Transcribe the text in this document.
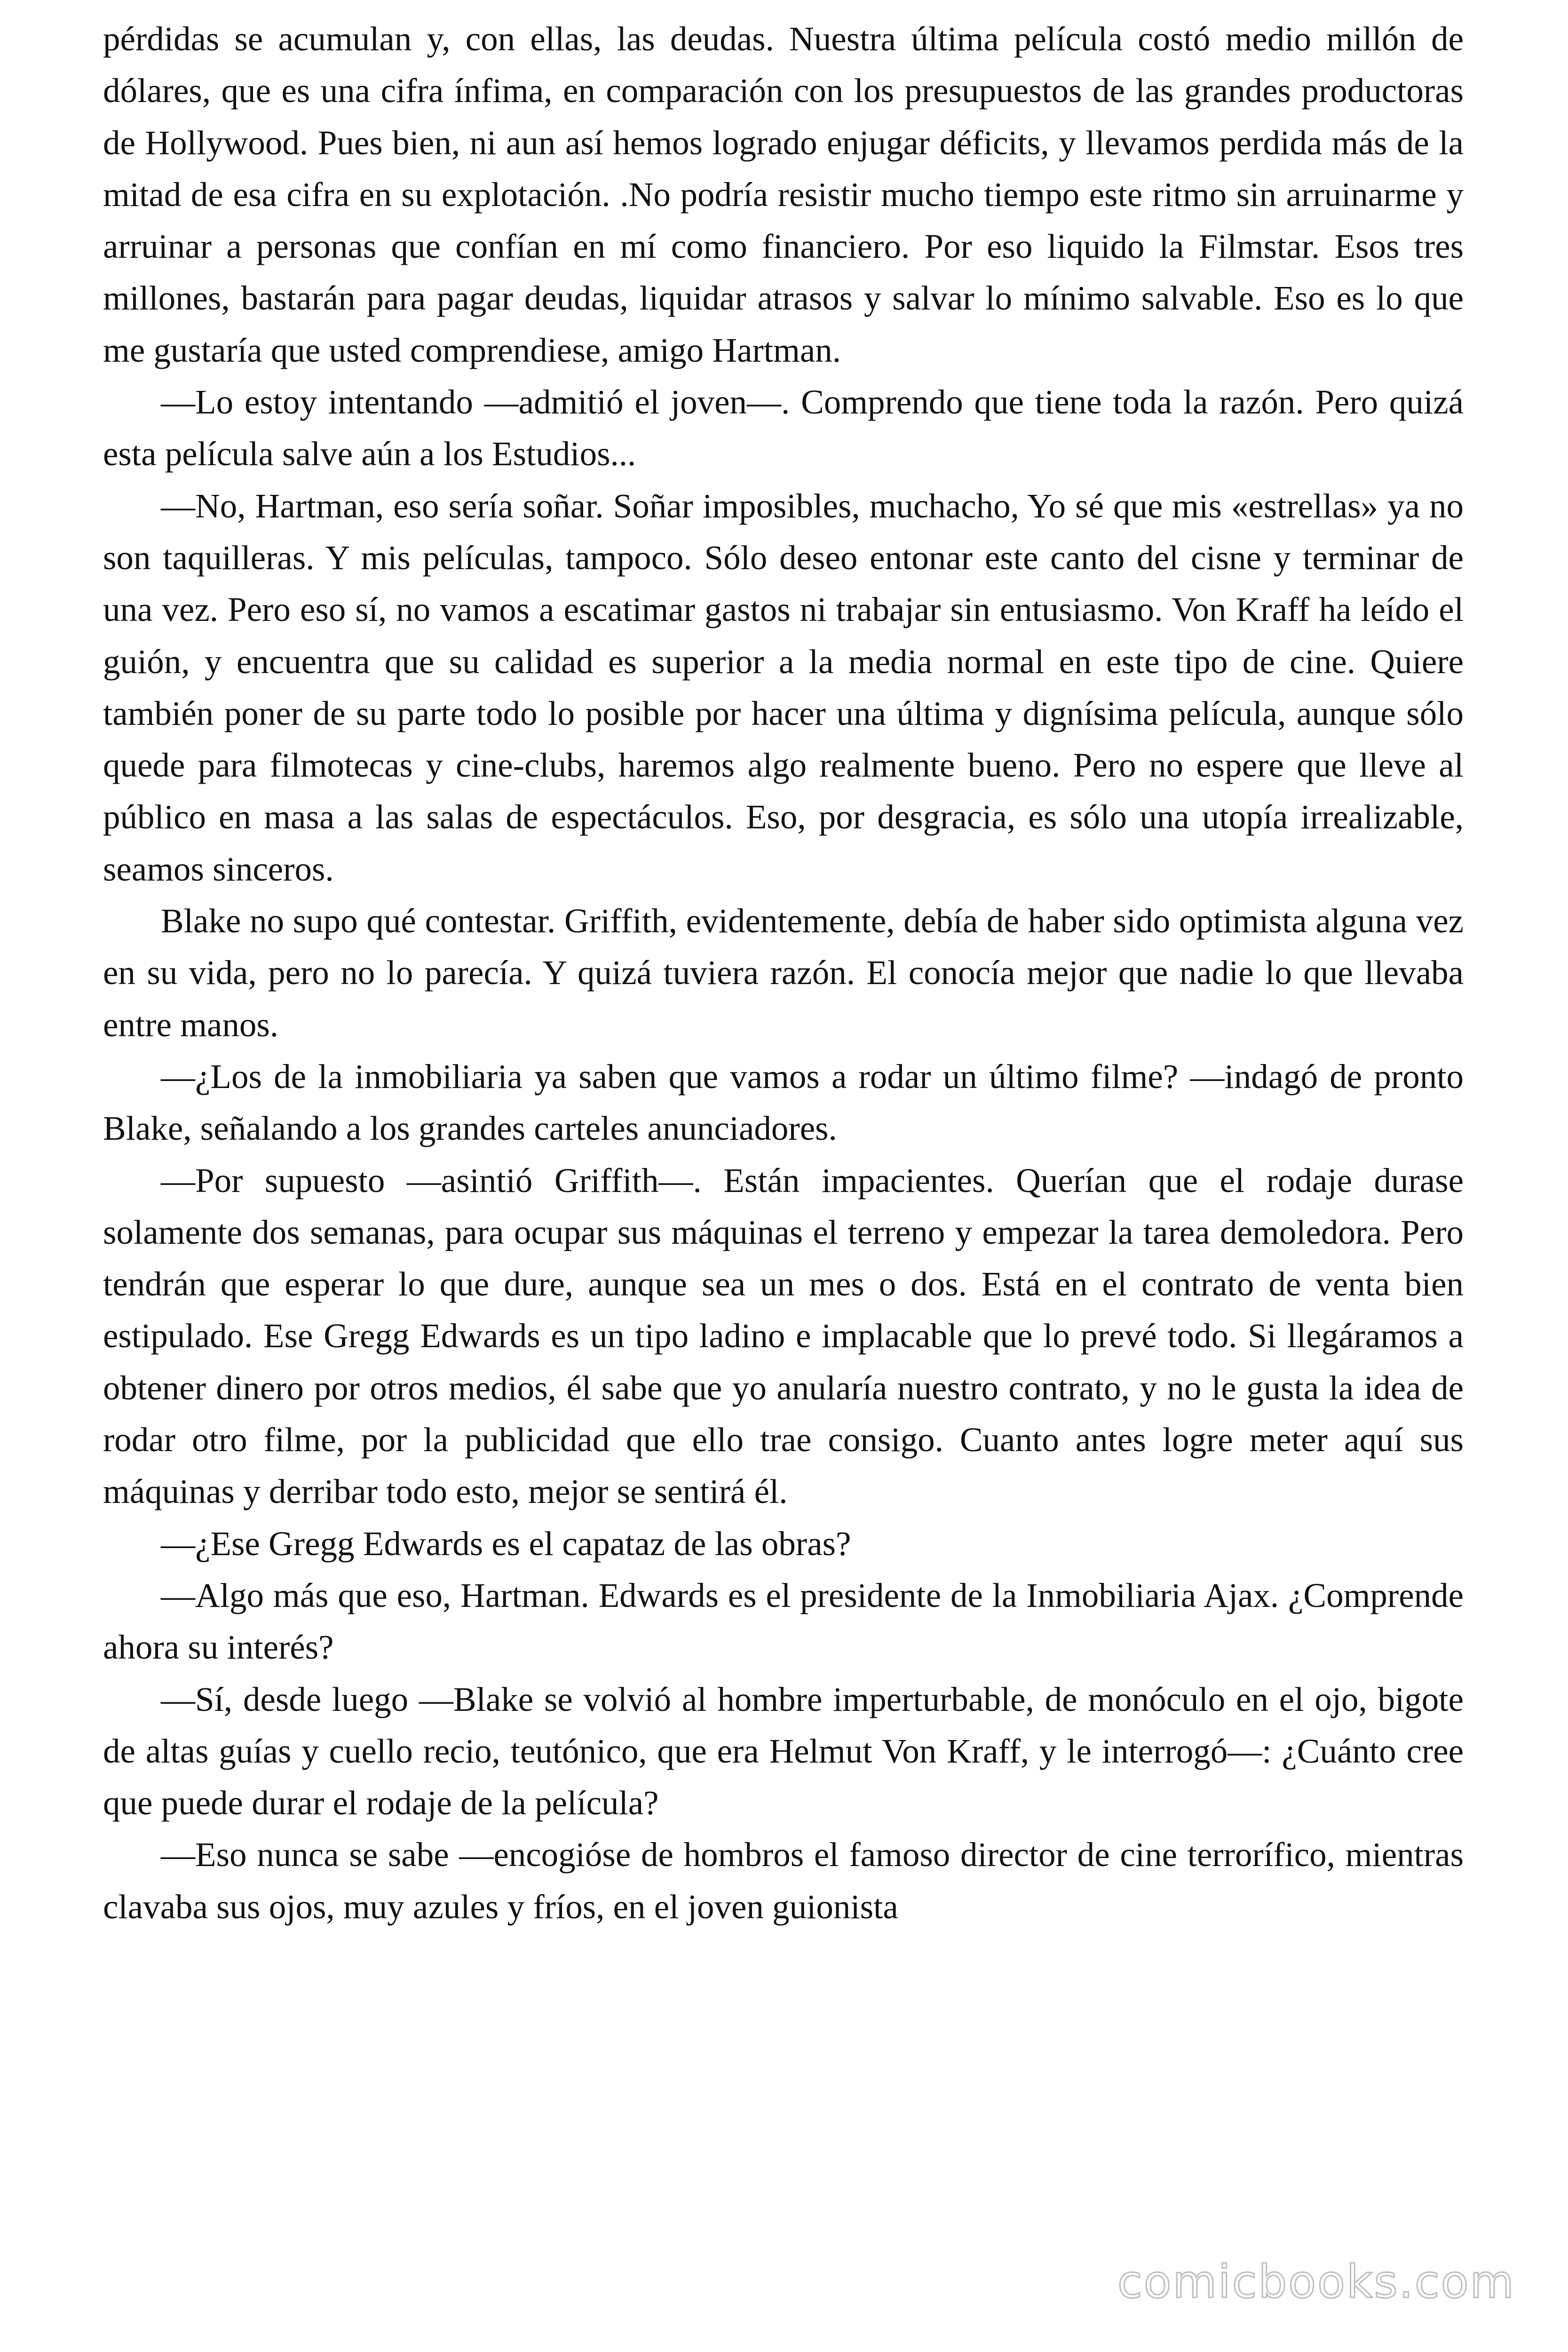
pérdidas se acumulan y, con ellas, las deudas. Nuestra última película costó medio millón de dólares, que es una cifra ínfima, en comparación con los presupuestos de las grandes productoras de Hollywood. Pues bien, ni aun así hemos logrado enjugar déficits, y llevamos perdida más de la mitad de esa cifra en su explotación. .No podría resistir mucho tiempo este ritmo sin arruinarme y arruinar a personas que confían en mí como financiero. Por eso liquido la Filmstar. Esos tres millones, bastarán para pagar deudas, liquidar atrasos y salvar lo mínimo salvable. Eso es lo que me gustaría que usted comprendiese, amigo Hartman.

—Lo estoy intentando —admitió el joven—. Comprendo que tiene toda la razón. Pero quizá esta película salve aún a los Estudios...

—No, Hartman, eso sería soñar. Soñar imposibles, muchacho, Yo sé que mis «estrellas» ya no son taquilleras. Y mis películas, tampoco. Sólo deseo entonar este canto del cisne y terminar de una vez. Pero eso sí, no vamos a escatimar gastos ni trabajar sin entusiasmo. Von Kraff ha leído el guión, y encuentra que su calidad es superior a la media normal en este tipo de cine. Quiere también poner de su parte todo lo posible por hacer una última y dignísima película, aunque sólo quede para filmotecas y cine-clubs, haremos algo realmente bueno. Pero no espere que lleve al público en masa a las salas de espectáculos. Eso, por desgracia, es sólo una utopía irrealizable, seamos sinceros.

Blake no supo qué contestar. Griffith, evidentemente, debía de haber sido optimista alguna vez en su vida, pero no lo parecía. Y quizá tuviera razón. El conocía mejor que nadie lo que llevaba entre manos.

—¿Los de la inmobiliaria ya saben que vamos a rodar un último filme? —indagó de pronto Blake, señalando a los grandes carteles anunciadores.

—Por supuesto —asintió Griffith—. Están impacientes. Querían que el rodaje durase solamente dos semanas, para ocupar sus máquinas el terreno y empezar la tarea demoledora. Pero tendrán que esperar lo que dure, aunque sea un mes o dos. Está en el contrato de venta bien estipulado. Ese Gregg Edwards es un tipo ladino e implacable que lo prevé todo. Si llegáramos a obtener dinero por otros medios, él sabe que yo anularía nuestro contrato, y no le gusta la idea de rodar otro filme, por la publicidad que ello trae consigo. Cuanto antes logre meter aquí sus máquinas y derribar todo esto, mejor se sentirá él.

—¿Ese Gregg Edwards es el capataz de las obras?

—Algo más que eso, Hartman. Edwards es el presidente de la Inmobiliaria Ajax. ¿Comprende ahora su interés?

—Sí, desde luego —Blake se volvió al hombre imperturbable, de monóculo en el ojo, bigote de altas guías y cuello recio, teutónico, que era Helmut Von Kraff, y le interrogó—: ¿Cuánto cree que puede durar el rodaje de la película?

—Eso nunca se sabe —encogióse de hombros el famoso director de cine terrorífico, mientras clavaba sus ojos, muy azules y fríos, en el joven guionista

comicbooks.com
